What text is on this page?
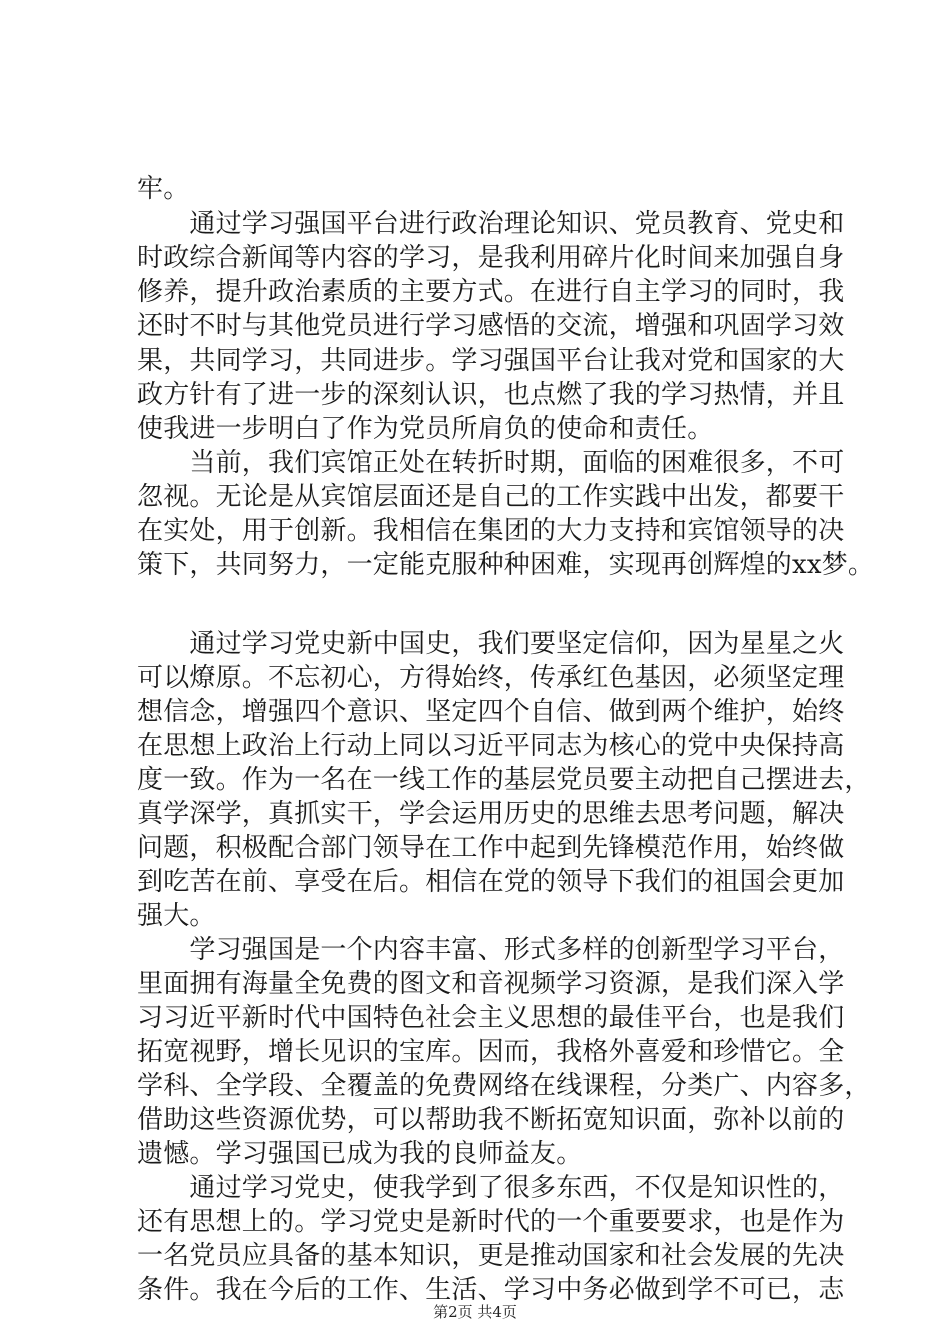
牢。
　　通过学习强国平台进行政治理论知识、党员教育、党史和
时政综合新闻等内容的学习，是我利用碎片化时间来加强自身
修养，提升政治素质的主要方式。在进行自主学习的同时，我
还时不时与其他党员进行学习感悟的交流，增强和巩固学习效
果，共同学习，共同进步。学习强国平台让我对党和国家的大
政方针有了进一步的深刻认识，也点燃了我的学习热情，并且
使我进一步明白了作为党员所肩负的使命和责任。
　　当前，我们宾馆正处在转折时期，面临的困难很多，不可
忽视。无论是从宾馆层面还是自己的工作实践中出发，都要干
在实处，用于创新。我相信在集团的大力支持和宾馆领导的决
策下，共同努力，一定能克服种种困难，实现再创辉煌的xx梦。
　　通过学习党史新中国史，我们要坚定信仰，因为星星之火
可以燎原。不忘初心，方得始终，传承红色基因，必须坚定理
想信念，增强四个意识、坚定四个自信、做到两个维护，始终
在思想上政治上行动上同以习近平同志为核心的党中央保持高
度一致。作为一名在一线工作的基层党员要主动把自己摆进去，
真学深学，真抓实干，学会运用历史的思维去思考问题，解决
问题，积极配合部门领导在工作中起到先锋模范作用，始终做
到吃苦在前、享受在后。相信在党的领导下我们的祖国会更加
强大。
　　学习强国是一个内容丰富、形式多样的创新型学习平台，
里面拥有海量全免费的图文和音视频学习资源，是我们深入学
习习近平新时代中国特色社会主义思想的最佳平台，也是我们
拓宽视野，增长见识的宝库。因而，我格外喜爱和珍惜它。全
学科、全学段、全覆盖的免费网络在线课程，分类广、内容多，
借助这些资源优势，可以帮助我不断拓宽知识面，弥补以前的
遗憾。学习强国已成为我的良师益友。
　　通过学习党史，使我学到了很多东西，不仅是知识性的，
还有思想上的。学习党史是新时代的一个重要要求，也是作为
一名党员应具备的基本知识，更是推动国家和社会发展的先决
条件。我在今后的工作、生活、学习中务必做到学不可已，志
第2页 共4页
